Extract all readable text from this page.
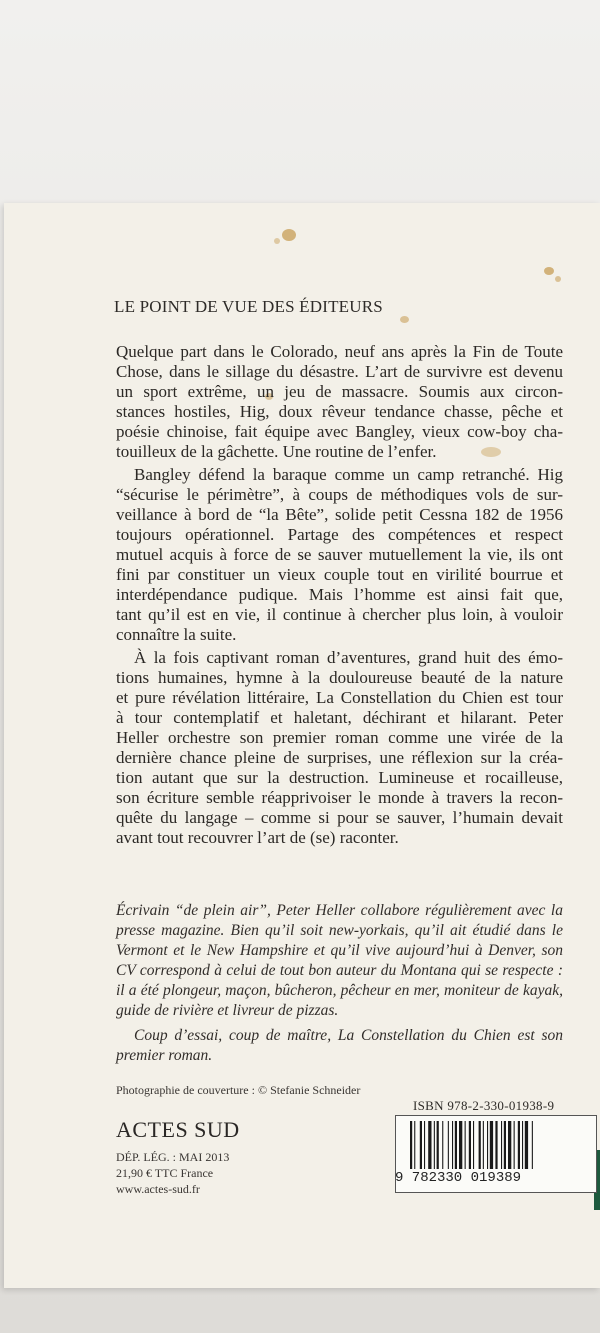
LE POINT DE VUE DES ÉDITEURS
Quelque part dans le Colorado, neuf ans après la Fin de Toute
Chose, dans le sillage du désastre. L’art de survivre est devenu
un sport extrême, un jeu de massacre. Soumis aux circon-
stances hostiles, Hig, doux rêveur tendance chasse, pêche et
poésie chinoise, fait équipe avec Bangley, vieux cow-boy cha-
touilleux de la gâchette. Une routine de l’enfer.
Bangley défend la baraque comme un camp retranché. Hig
“sécurise le périmètre”, à coups de méthodiques vols de sur-
veillance à bord de “la Bête”, solide petit Cessna 182 de 1956
toujours opérationnel. Partage des compétences et respect
mutuel acquis à force de se sauver mutuellement la vie, ils ont
fini par constituer un vieux couple tout en virilité bourrue et
interdépendance pudique. Mais l’homme est ainsi fait que,
tant qu’il est en vie, il continue à chercher plus loin, à vouloir
connaître la suite.
À la fois captivant roman d’aventures, grand huit des émo-
tions humaines, hymne à la douloureuse beauté de la nature
et pure révélation littéraire, La Constellation du Chien est tour
à tour contemplatif et haletant, déchirant et hilarant. Peter
Heller orchestre son premier roman comme une virée de la
dernière chance pleine de surprises, une réflexion sur la créa-
tion autant que sur la destruction. Lumineuse et rocailleuse,
son écriture semble réapprivoiser le monde à travers la recon-
quête du langage – comme si pour se sauver, l’humain devait
avant tout recouvrer l’art de (se) raconter.
Écrivain “de plein air”, Peter Heller collabore régulièrement avec la
presse magazine. Bien qu’il soit new-yorkais, qu’il ait étudié dans le
Vermont et le New Hampshire et qu’il vive aujourd’hui à Denver, son
CV correspond à celui de tout bon auteur du Montana qui se respecte :
il a été plongeur, maçon, bûcheron, pêcheur en mer, moniteur de kayak,
guide de rivière et livreur de pizzas.
Coup d’essai, coup de maître, La Constellation du Chien est son
premier roman.
Photographie de couverture : © Stefanie Schneider
ACTES SUD
DÉP. LÉG. : MAI 2013
21,90 € TTC France
www.actes-sud.fr
ISBN 978-2-330-01938-9
9 782330 019389
